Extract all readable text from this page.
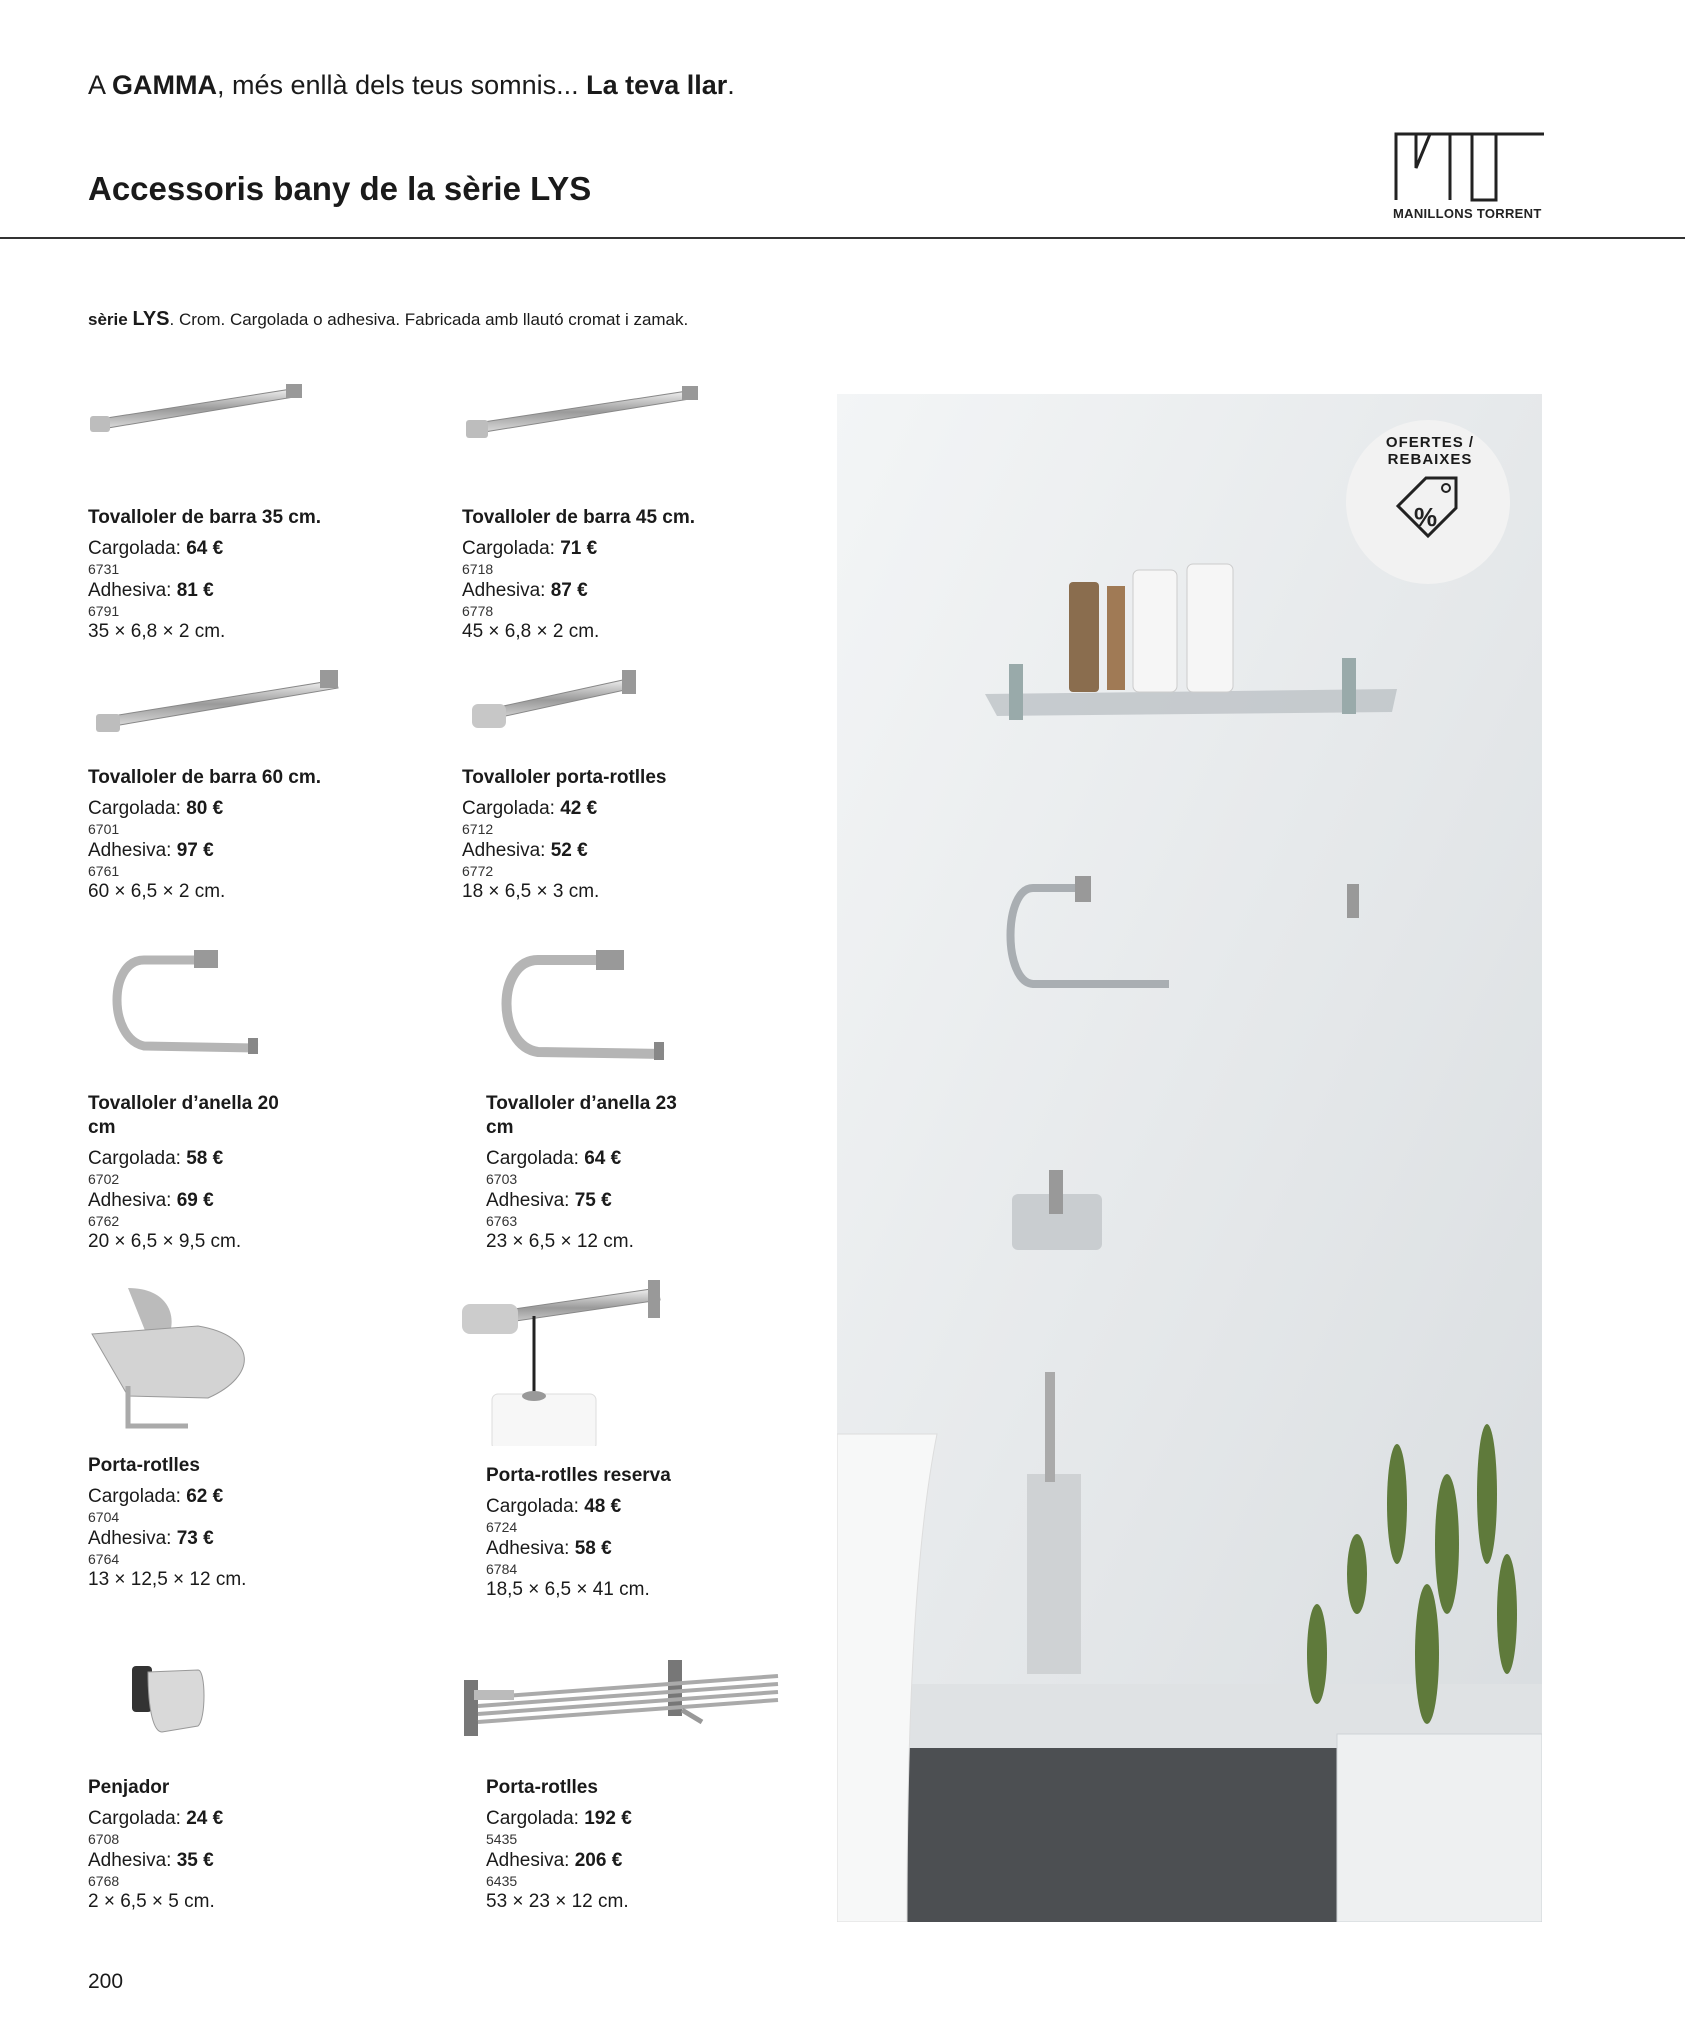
A GAMMA, més enllà dels teus somnis... La teva llar.
Accessoris bany de la sèrie LYS
MANILLONS TORRENT
sèrie LYS. Crom. Cargolada o adhesiva. Fabricada amb llautó cromat i zamak.
Tovalloler de barra 35 cm.
Cargolada: 64 €
6731
Adhesiva: 81 €
6791
35 × 6,8 × 2 cm.
Tovalloler de barra 45 cm.
Cargolada: 71 €
6718
Adhesiva: 87 €
6778
45 × 6,8 × 2 cm.
Tovalloler de barra 60 cm.
Cargolada: 80 €
6701
Adhesiva: 97 €
6761
60 × 6,5 × 2 cm.
Tovalloler porta-rotlles
Cargolada: 42 €
6712
Adhesiva: 52 €
6772
18 × 6,5 × 3 cm.
Tovalloler d’anella 20 cm
Cargolada: 58 €
6702
Adhesiva: 69 €
6762
20 × 6,5 × 9,5 cm.
Tovalloler d’anella 23 cm
Cargolada: 64 €
6703
Adhesiva: 75 €
6763
23 × 6,5 × 12 cm.
Porta-rotlles
Cargolada: 62 €
6704
Adhesiva: 73 €
6764
13 × 12,5 × 12 cm.
Porta-rotlles reserva
Cargolada: 48 €
6724
Adhesiva: 58 €
6784
18,5 × 6,5 × 41 cm.
Penjador
Cargolada: 24 €
6708
Adhesiva: 35 €
6768
2 × 6,5 × 5 cm.
Porta-rotlles
Cargolada: 192 €
5435
Adhesiva: 206 €
6435
53 × 23 × 12 cm.
OFERTES / REBAIXES
%
200
